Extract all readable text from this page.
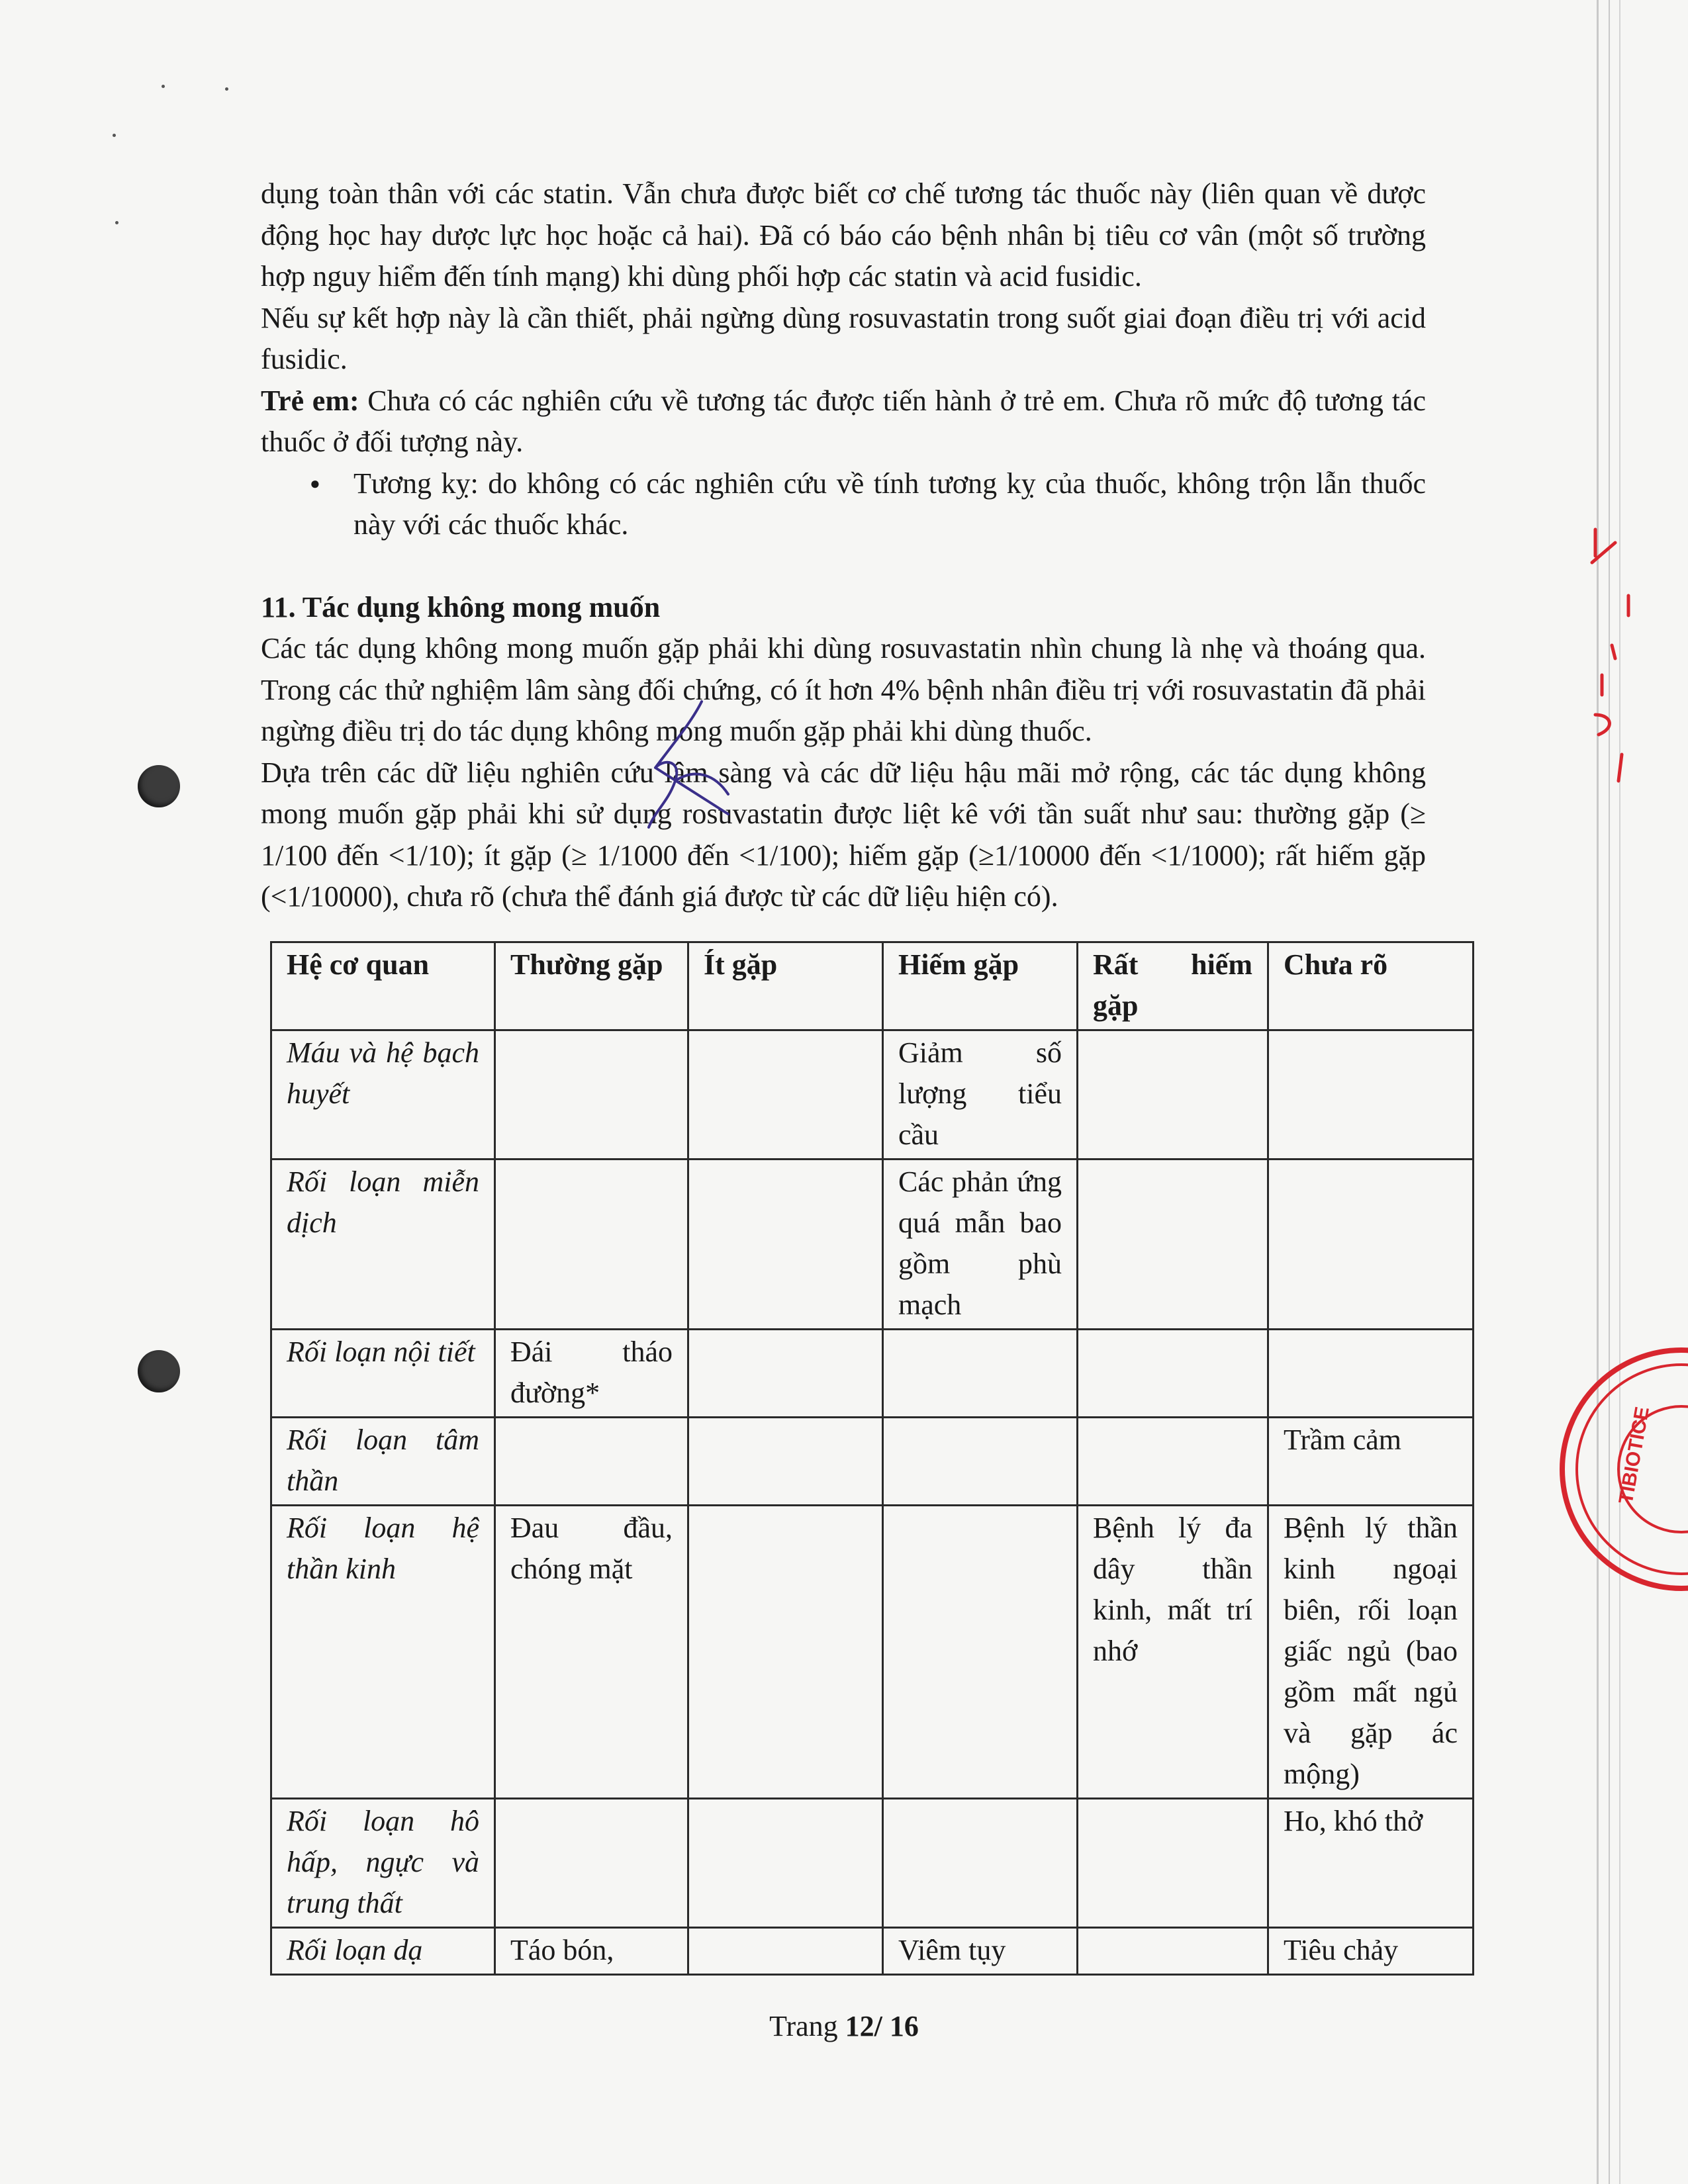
dụng toàn thân với các statin. Vẫn chưa được biết cơ chế tương tác thuốc này (liên quan về dược động học hay dược lực học hoặc cả hai). Đã có báo cáo bệnh nhân bị tiêu cơ vân (một số trường hợp nguy hiểm đến tính mạng) khi dùng phối hợp các statin và acid fusidic.

Nếu sự kết hợp này là cần thiết, phải ngừng dùng rosuvastatin trong suốt giai đoạn điều trị với acid fusidic.

Trẻ em: Chưa có các nghiên cứu về tương tác được tiến hành ở trẻ em. Chưa rõ mức độ tương tác thuốc ở đối tượng này.

● Tương kỵ: do không có các nghiên cứu về tính tương kỵ của thuốc, không trộn lẫn thuốc này với các thuốc khác.

11. Tác dụng không mong muốn

Các tác dụng không mong muốn gặp phải khi dùng rosuvastatin nhìn chung là nhẹ và thoáng qua. Trong các thử nghiệm lâm sàng đối chứng, có ít hơn 4% bệnh nhân điều trị với rosuvastatin đã phải ngừng điều trị do tác dụng không mong muốn gặp phải khi dùng thuốc.

Dựa trên các dữ liệu nghiên cứu lâm sàng và các dữ liệu hậu mãi mở rộng, các tác dụng không mong muốn gặp phải khi sử dụng rosuvastatin được liệt kê với tần suất như sau: thường gặp (≥ 1/100 đến <1/10); ít gặp (≥ 1/1000 đến <1/100); hiếm gặp (≥1/10000 đến <1/1000); rất hiếm gặp (<1/10000), chưa rõ (chưa thể đánh giá được từ các dữ liệu hiện có).

Hệ cơ quan	Thường gặp	Ít gặp	Hiếm gặp	Rất hiếm gặp	Chưa rõ
Máu và hệ bạch huyết			Giảm số lượng tiểu cầu		
Rối loạn miễn dịch			Các phản ứng quá mẫn bao gồm phù mạch		
Rối loạn nội tiết	Đái tháo đường*				
Rối loạn tâm thần					Trầm cảm
Rối loạn hệ thần kinh	Đau đầu, chóng mặt			Bệnh lý đa dây thần kinh, mất trí nhớ	Bệnh lý thần kinh ngoại biên, rối loạn giấc ngủ (bao gồm mất ngủ và gặp ác mộng)
Rối loạn hô hấp, ngực và trung thất					Ho, khó thở
Rối loạn dạ	Táo bón,		Viêm tụy		Tiêu chảy
Trang 12/ 16
TIBIOTICE
